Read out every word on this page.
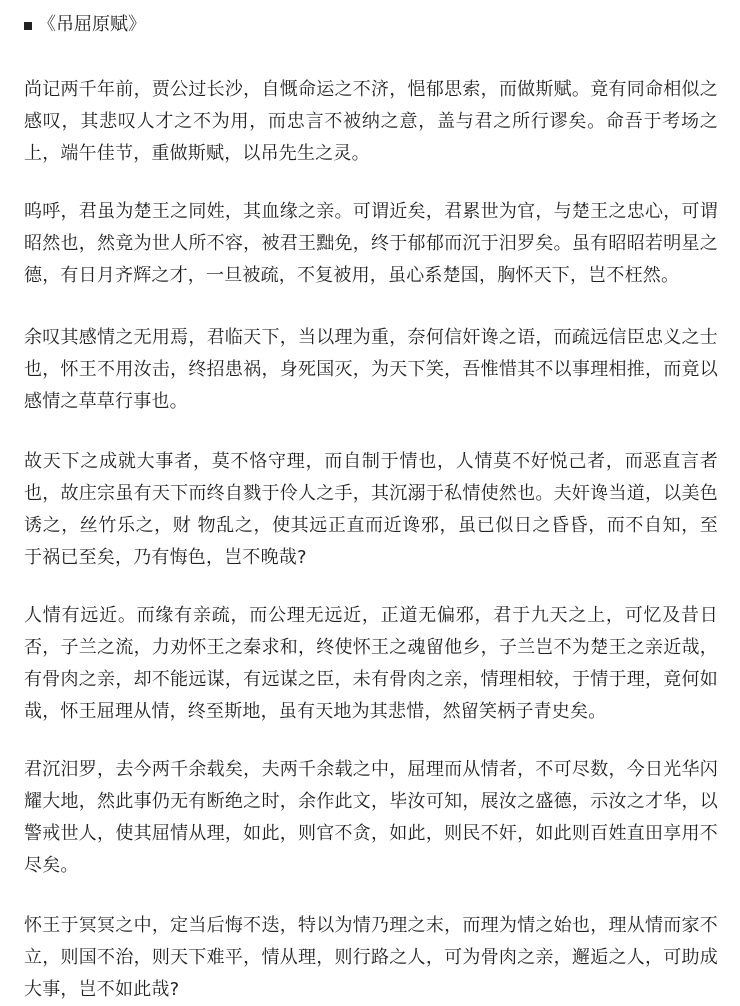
《吊屈原赋》

尚记两千年前，贾公过长沙，自慨命运之不济，悒郁思索，而做斯赋。竟有同命相似之感叹，其悲叹人才之不为用，而忠言不被纳之意，盖与君之所行谬矣。命吾于考场之上，端午佳节，重做斯赋，以吊先生之灵。

呜呼，君虽为楚王之同姓，其血缘之亲。可谓近矣，君累世为官，与楚王之忠心，可谓昭然也，然竟为世人所不容，被君王黜免，终于郁郁而沉于汨罗矣。虽有昭昭若明星之德，有日月齐辉之才，一旦被疏，不复被用，虽心系楚国，胸怀天下，岂不枉然。

余叹其感情之无用焉，君临天下，当以理为重，奈何信奸谗之语，而疏远信臣忠义之士也，怀王不用汝击，终招患祸，身死国灭，为天下笑，吾惟惜其不以事理相推，而竟以感情之草草行事也。

故天下之成就大事者，莫不恪守理，而自制于情也，人情莫不好悦己者，而恶直言者也，故庄宗虽有天下而终自戮于伶人之手，其沉溺于私情使然也。夫奸谗当道，以美色诱之，丝竹乐之，财 物乱之，使其远正直而近谗邪，虽已似日之昏昏，而不自知，至于祸已至矣，乃有悔色，岂不晚哉?

人情有远近。而缘有亲疏，而公理无远近，正道无偏邪，君于九天之上，可忆及昔日否，子兰之流，力劝怀王之秦求和，终使怀王之魂留他乡，子兰岂不为楚王之亲近哉，有骨肉之亲，却不能远谋，有远谋之臣，未有骨肉之亲，情理相较，于情于理，竟何如哉，怀王屈理从情，终至斯地，虽有天地为其悲惜，然留笑柄子青史矣。

君沉汨罗，去今两千余载矣，夫两千余载之中，屈理而从情者，不可尽数，今日光华闪耀大地，然此事仍无有断绝之时，余作此文，毕汝可知，展汝之盛德，示汝之才华，以警戒世人，使其屈情从理，如此，则官不贪，如此，则民不奸，如此则百姓直田享用不尽矣。

怀王于冥冥之中，定当后悔不迭，特以为情乃理之末，而理为情之始也，理从情而家不立，则国不治，则天下难平，情从理，则行路之人，可为骨肉之亲，邂逅之人，可助成大事，岂不如此哉?
